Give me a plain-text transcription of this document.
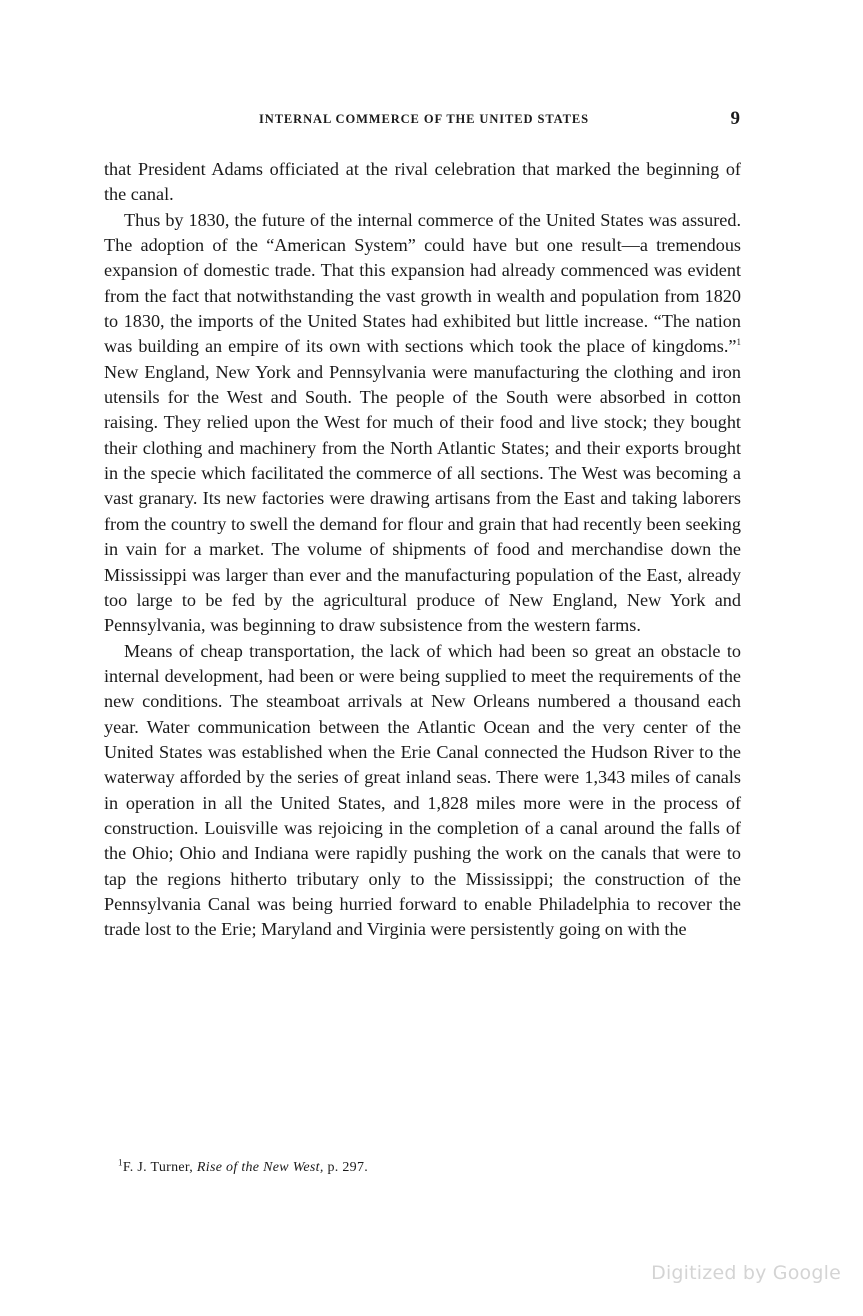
INTERNAL COMMERCE OF THE UNITED STATES	9

that President Adams officiated at the rival celebration that marked the beginning of the canal.

Thus by 1830, the future of the internal commerce of the United States was assured. The adoption of the “American System” could have but one result—a tremendous expansion of domestic trade. That this expansion had already commenced was evident from the fact that notwithstanding the vast growth in wealth and population from 1820 to 1830, the imports of the United States had exhibited but little increase. “The nation was building an empire of its own with sections which took the place of kingdoms.”$^1$ New England, New York and Pennsylvania were manufacturing the clothing and iron utensils for the West and South. The people of the South were absorbed in cotton raising. They relied upon the West for much of their food and live stock; they bought their clothing and machinery from the North Atlantic States; and their exports brought in the specie which facilitated the commerce of all sections. The West was becoming a vast granary. Its new factories were drawing artisans from the East and taking laborers from the country to swell the demand for flour and grain that had recently been seeking in vain for a market. The volume of shipments of food and merchandise down the Mississippi was larger than ever and the manufacturing population of the East, already too large to be fed by the agricultural produce of New England, New York and Pennsylvania, was beginning to draw subsistence from the western farms.

Means of cheap transportation, the lack of which had been so great an obstacle to internal development, had been or were being supplied to meet the requirements of the new conditions. The steamboat arrivals at New Orleans numbered a thousand each year. Water communication between the Atlantic Ocean and the very center of the United States was established when the Erie Canal connected the Hudson River to the waterway afforded by the series of great inland seas. There were 1,343 miles of canals in operation in all the United States, and 1,828 miles more were in the process of construction. Louisville was rejoicing in the completion of a canal around the falls of the Ohio; Ohio and Indiana were rapidly pushing the work on the canals that were to tap the regions hitherto tributary only to the Mississippi; the construction of the Pennsylvania Canal was being hurried forward to enable Philadelphia to recover the trade lost to the Erie; Maryland and Virginia were persistently going on with the

$^1$F. J. Turner, Rise of the New West, p. 297.
Digitized by Google
